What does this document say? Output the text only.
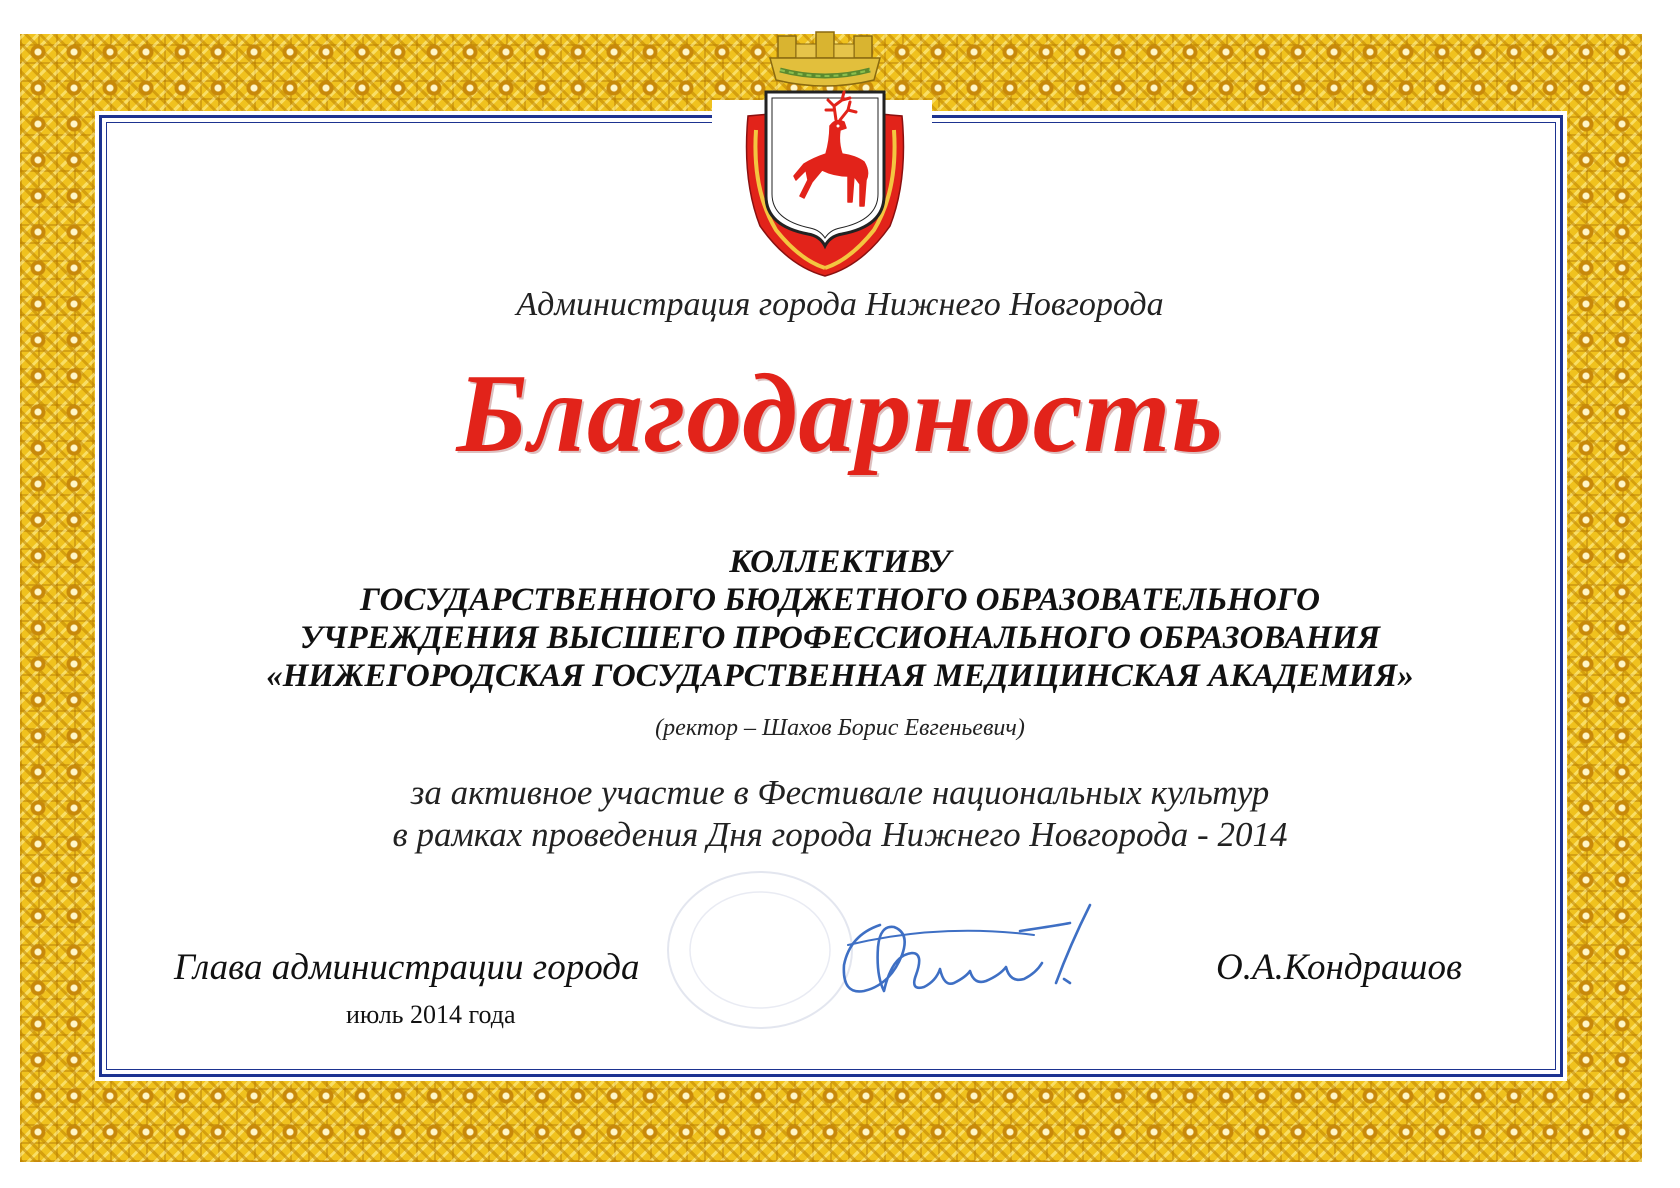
Администрация города Нижнего Новгорода
Благодарность
КОЛЛЕКТИВУ
ГОСУДАРСТВЕННОГО БЮДЖЕТНОГО ОБРАЗОВАТЕЛЬНОГО
УЧРЕЖДЕНИЯ ВЫСШЕГО ПРОФЕССИОНАЛЬНОГО ОБРАЗОВАНИЯ
«НИЖЕГОРОДСКАЯ ГОСУДАРСТВЕННАЯ МЕДИЦИНСКАЯ АКАДЕМИЯ»
(ректор – Шахов Борис Евгеньевич)
за активное участие в Фестивале национальных культур
в рамках проведения Дня города Нижнего Новгорода - 2014
Глава администрации города
июль 2014 года
О.А.Кондрашов
